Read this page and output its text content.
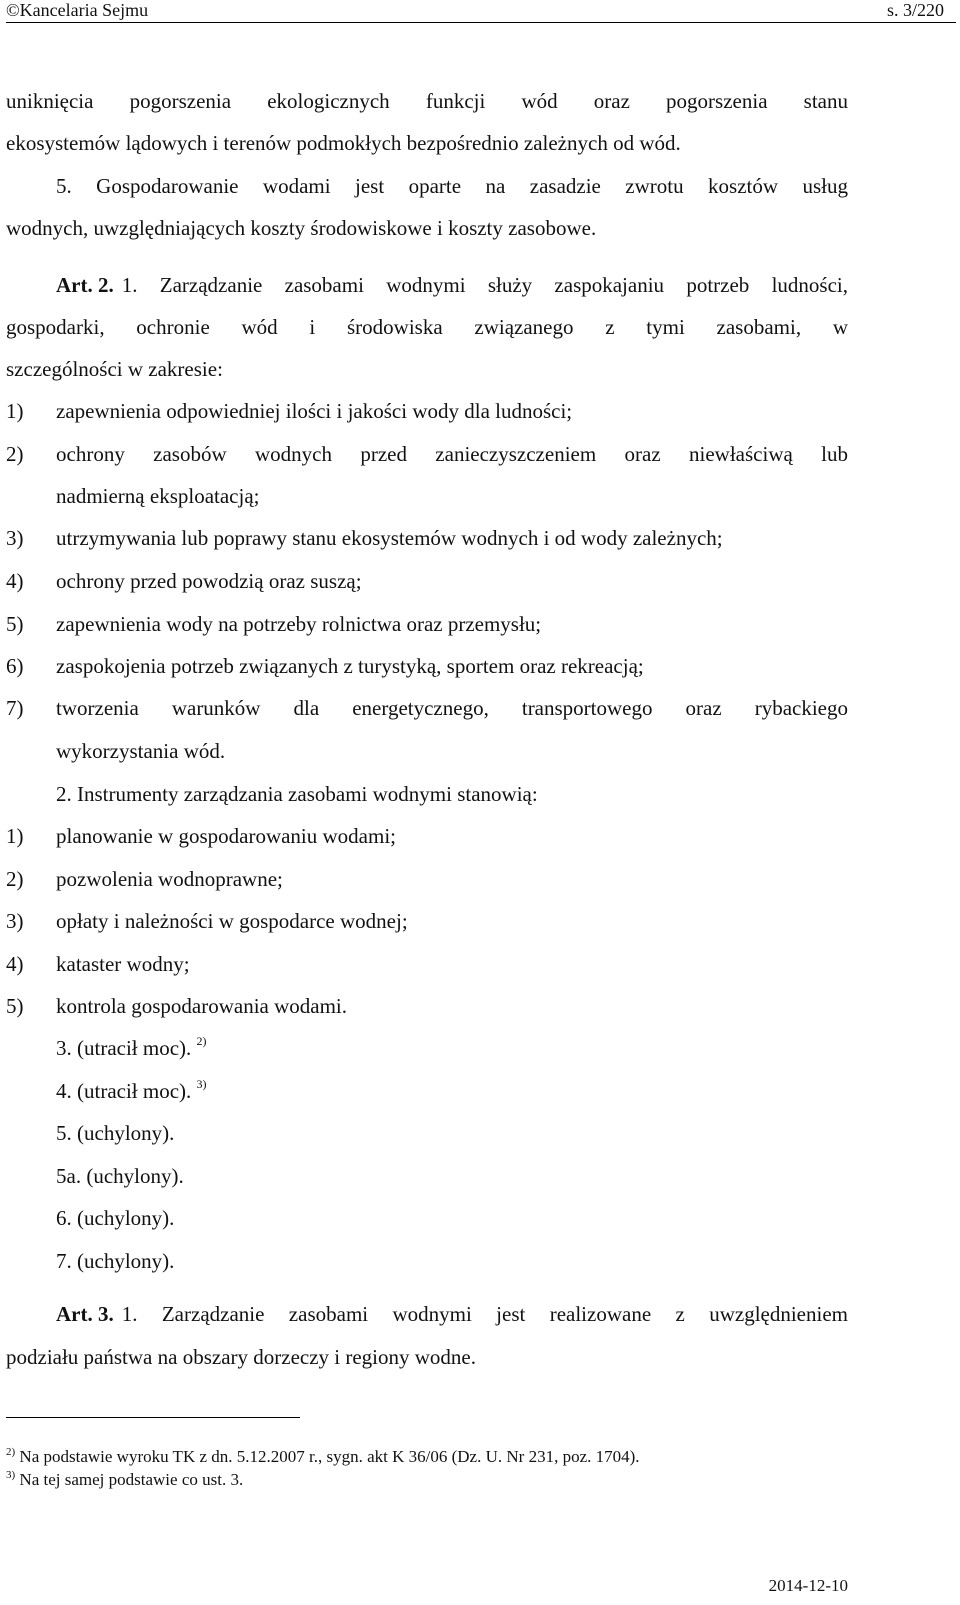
©Kancelaria Sejmu	s. 3/220
uniknięcia pogorszenia ekologicznych funkcji wód oraz pogorszenia stanu
ekosystemów lądowych i terenów podmokłych bezpośrednio zależnych od wód.
5. Gospodarowanie wodami jest oparte na zasadzie zwrotu kosztów usług
wodnych, uwzględniających koszty środowiskowe i koszty zasobowe.
Art. 2. 1. Zarządzanie zasobami wodnymi służy zaspokajaniu potrzeb ludności,
gospodarki, ochronie wód i środowiska związanego z tymi zasobami, w
szczególności w zakresie:
1) zapewnienia odpowiedniej ilości i jakości wody dla ludności;
2) ochrony zasobów wodnych przed zanieczyszczeniem oraz niewłaściwą lub
nadmierną eksploatacją;
3) utrzymywania lub poprawy stanu ekosystemów wodnych i od wody zależnych;
4) ochrony przed powodzią oraz suszą;
5) zapewnienia wody na potrzeby rolnictwa oraz przemysłu;
6) zaspokojenia potrzeb związanych z turystyką, sportem oraz rekreacją;
7) tworzenia warunków dla energetycznego, transportowego oraz rybackiego
wykorzystania wód.
2. Instrumenty zarządzania zasobami wodnymi stanowią:
1) planowanie w gospodarowaniu wodami;
2) pozwolenia wodnoprawne;
3) opłaty i należności w gospodarce wodnej;
4) kataster wodny;
5) kontrola gospodarowania wodami.
3. (utracił moc). $^{2)}$
4. (utracił moc). $^{3)}$
5. (uchylony).
5a. (uchylony).
6. (uchylony).
7. (uchylony).
Art. 3. 1. Zarządzanie zasobami wodnymi jest realizowane z uwzględnieniem
podziału państwa na obszary dorzeczy i regiony wodne.
$^{2)}$ Na podstawie wyroku TK z dn. 5.12.2007 r., sygn. akt K 36/06 (Dz. U. Nr 231, poz. 1704).
$^{3)}$ Na tej samej podstawie co ust. 3.
2014-12-10
